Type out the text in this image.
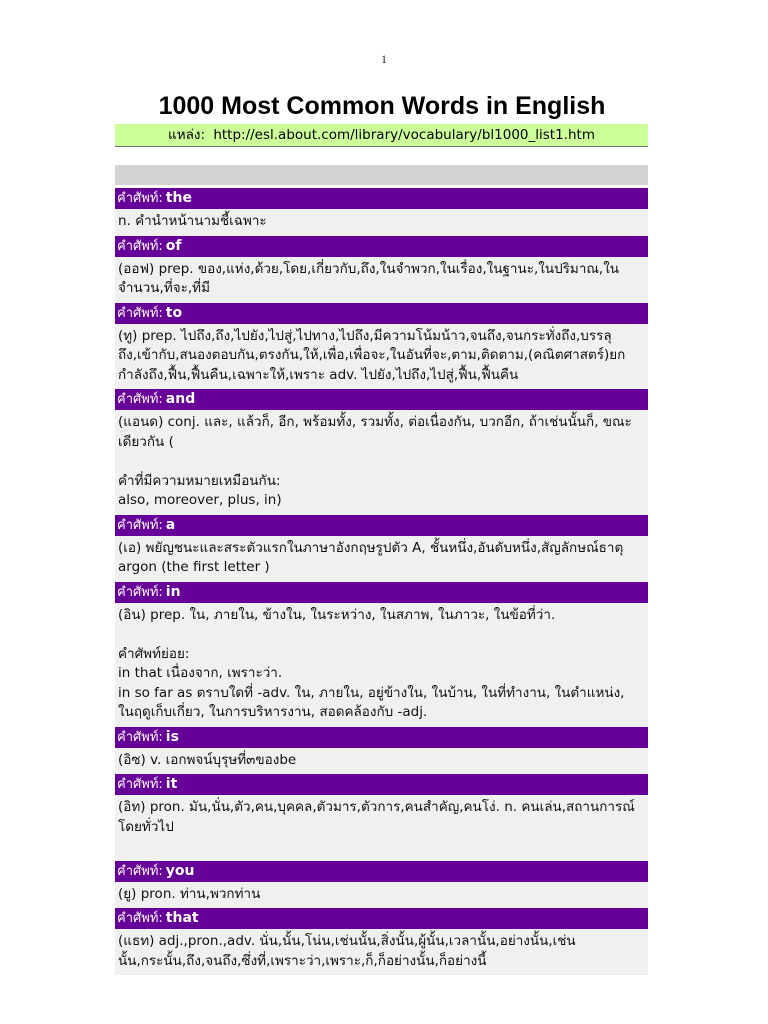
1
1000 Most Common Words in English
แหล่ง: http://esl.about.com/library/vocabulary/bl1000_list1.htm
คำศัพท์: the
n. คำนำหน้านามชี้เฉพาะ
คำศัพท์: of
(ออฟ) prep. ของ,แห่ง,ด้วย,โดย,เกี่ยวกับ,ถึง,ในจำพวก,ในเรื่อง,ในฐานะ,ในปริมาณ,ในจำนวน,ที่จะ,ที่มี
คำศัพท์: to
(ทู) prep. ไปถึง,ถึง,ไปยัง,ไปสู่,ไปทาง,ไปถึง,มีความโน้มน้าว,จนถึง,จนกระทั่งถึง,บรรลุถึง,เข้ากับ,สนองตอบกัน,ตรงกัน,ให้,เพื่อ,เพื่อจะ,ในอันที่จะ,ตาม,ติดตาม,(คณิตศาสตร์)ยกกำลังถึง,ฟื้น,ฟื้นคืน,เฉพาะให้,เพราะ adv. ไปยัง,ไปถึง,ไปสู่,ฟื้น,ฟื้นคืน
คำศัพท์: and
(แอนด) conj. และ, แล้วก็, อีก, พร้อมทั้ง, รวมทั้ง, ต่อเนื่องกัน, บวกอีก, ถ้าเช่นนั้นก็, ขณะเดียวกัน (

คำที่มีความหมายเหมือนกัน:
also, moreover, plus, in)
คำศัพท์: a
(เอ) พยัญชนะและสระตัวแรกในภาษาอังกฤษรูปตัว A, ชั้นหนึ่ง,อันดับหนึ่ง,สัญลักษณ์ธาตุ argon (the first letter )

คำศัพท์: in
(อิน) prep. ใน, ภายใน, ข้างใน, ในระหว่าง, ในสภาพ, ในภาวะ, ในข้อที่ว่า.

คำศัพท์ย่อย:
in that เนื่องจาก, เพราะว่า.
in so far as ตราบใดที่ -adv. ใน, ภายใน, อยู่ข้างใน, ในบ้าน, ในที่ทำงาน, ในตำแหน่ง, ในฤดูเก็บเกี่ยว, ในการบริหารงาน, สอดคล้องกับ -adj.
คำศัพท์: is
(อิซ) v. เอกพจน์บุรุษที่๓ของbe
คำศัพท์: it
(อิท) pron. มัน,นั่น,ตัว,คน,บุคคล,ตัวมาร,ตัวการ,คนสำคัญ,คนโง่. n. คนเล่น,สถานการณ์โดยทั่วไป

คำศัพท์: you
(ยู) pron. ท่าน,พวกท่าน
คำศัพท์: that
(แธท) adj.,pron.,adv. นั่น,นั้น,โน่น,เช่นนั้น,สิ่งนั้น,ผู้นั้น,เวลานั้น,อย่างนั้น,เช่นนั้น,กระนั้น,ถึง,จนถึง,ซึ่งที่,เพราะว่า,เพราะ,ก็,ก็อย่างนั้น,ก็อย่างนี้
